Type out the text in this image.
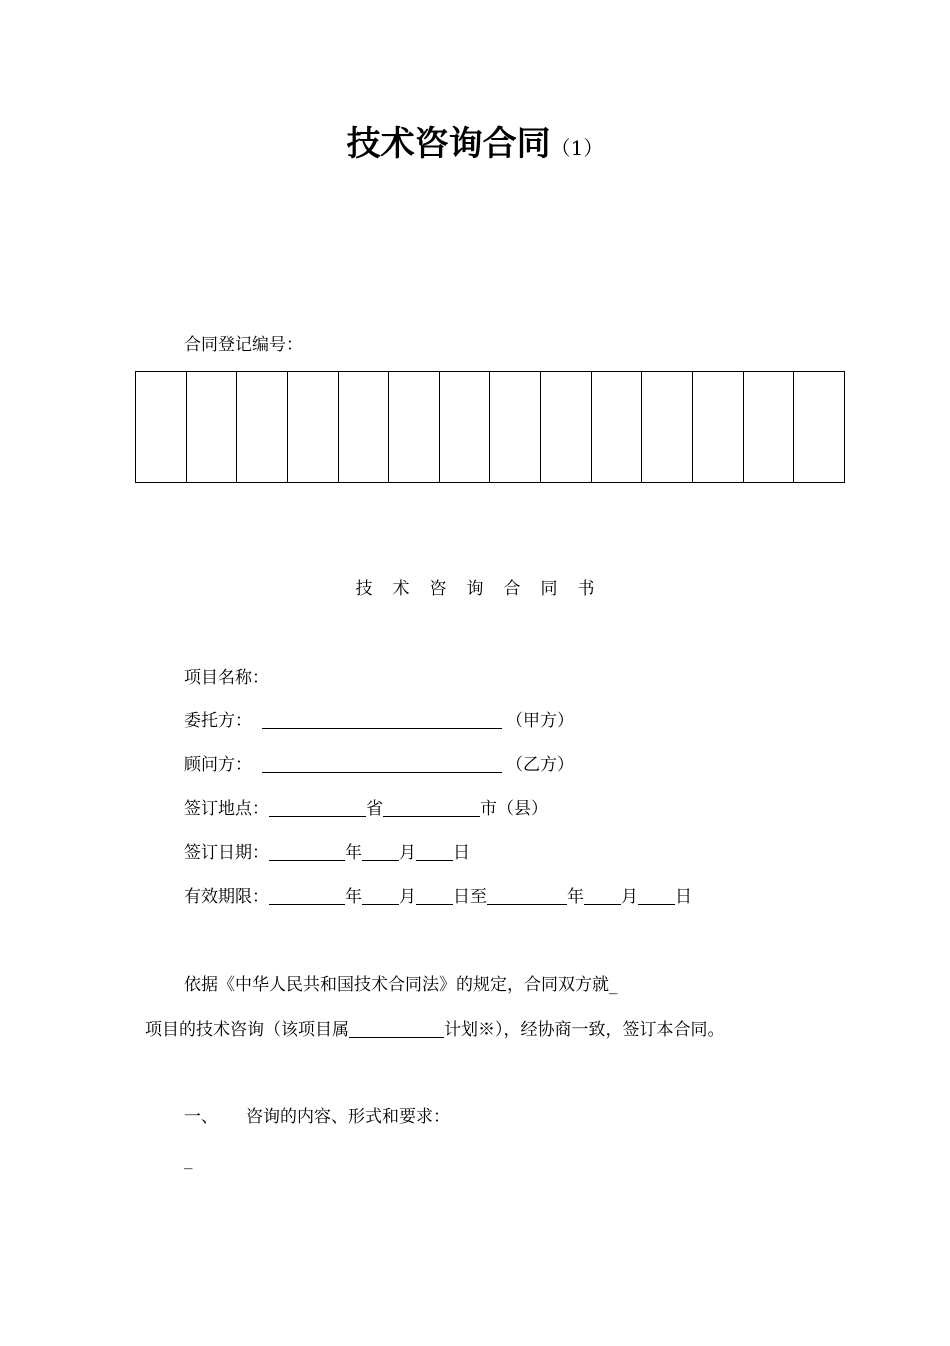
技术咨询合同（1）
合同登记编号：
技术咨询合同书
项目名称：
委托方：	（甲方）
顾问方：	（乙方）
签订地点：	省	市（县）
签订日期：	年 月 日
有效期限：	年 月 日至	年 月 日
依据《中华人民共和国技术合同法》的规定，合同双方就_
项目的技术咨询（该项目属	计划※），经协商一致，签订本合同。
一、 咨询的内容、形式和要求：
_
